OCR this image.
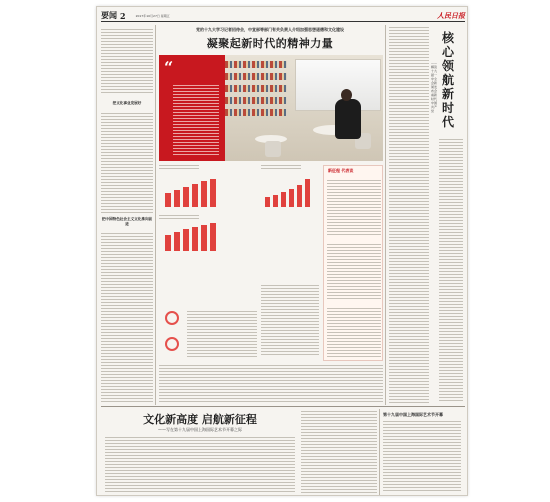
要闻 2	2017年10月27日 星期五	人民日报
把文化事业发展好
把中国特色社会主义文化推向前进
党的十九大学习记者招待会，中宣部等部门有关负责人介绍加强思想道德和文化建设
凝聚起新时代的精神力量
“
新征程 代表谈
核心领航新时代
——解读十九届一中全会新闻发布会看新时代中国共产党
文化新高度 启航新征程
——写在第十九届中国上海国际艺术节开幕之际
第十九届中国上海国际艺术节开幕
